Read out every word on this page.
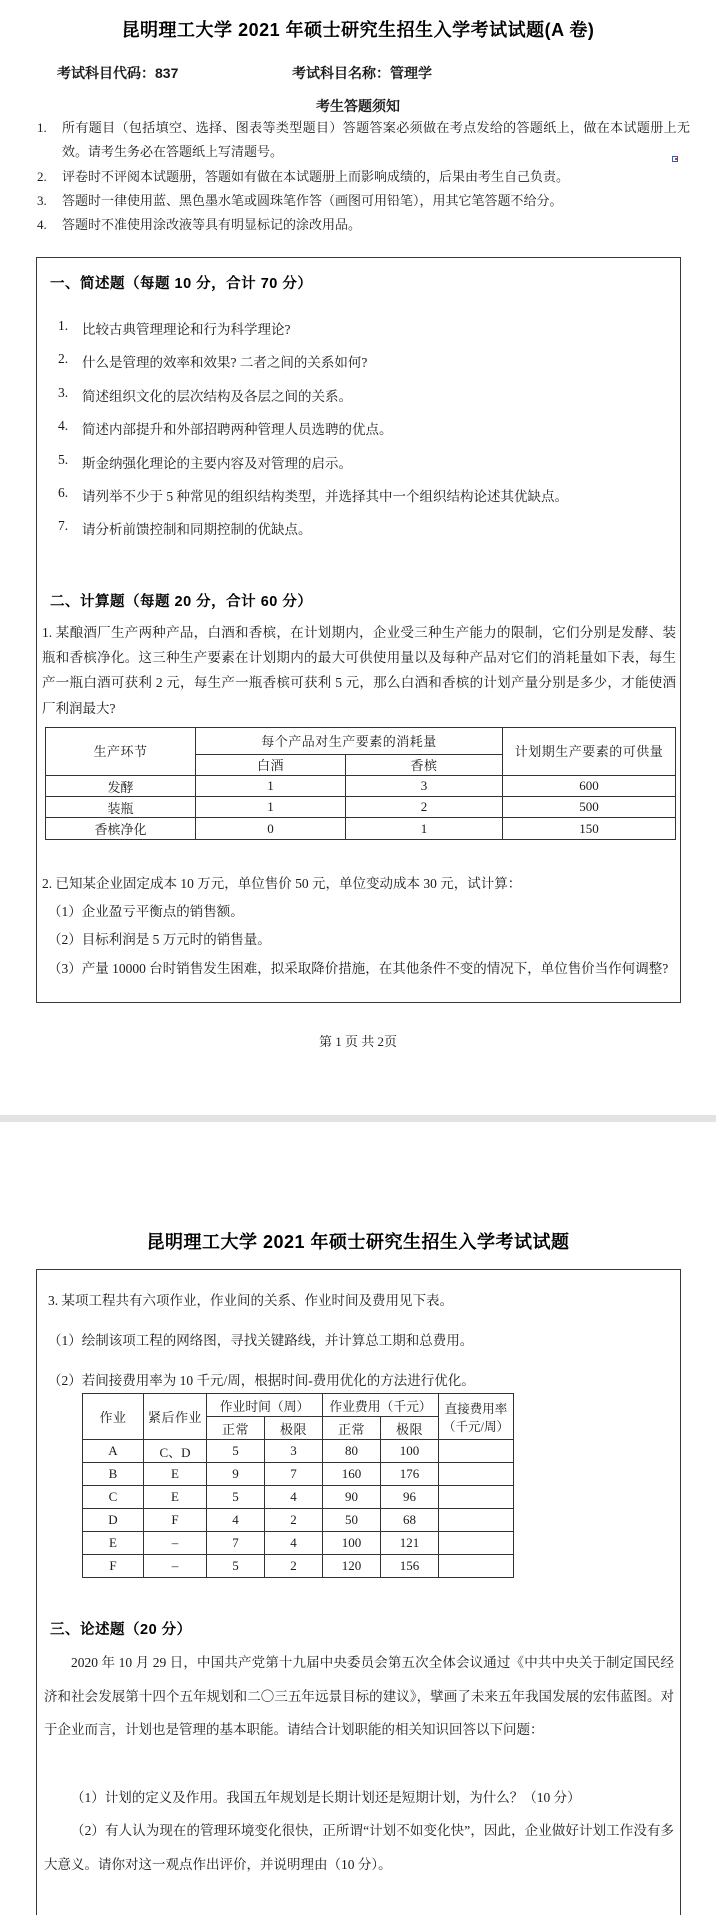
昆明理工大学 2021 年硕士研究生招生入学考试试题(A 卷)
考试科目代码：837	考试科目名称：管理学
考生答题须知
1.	所有题目（包括填空、选择、图表等类型题目）答题答案必须做在考点发给的答题纸上，做在本试题册上无效。请考生务必在答题纸上写清题号。
2.	评卷时不评阅本试题册，答题如有做在本试题册上而影响成绩的，后果由考生自己负责。
3.	答题时一律使用蓝、黑色墨水笔或圆珠笔作答（画图可用铅笔），用其它笔答题不给分。
4.	答题时不准使用涂改液等具有明显标记的涂改用品。
一、简述题（每题 10 分，合计 70 分）
1.	比较古典管理理论和行为科学理论?
2.	什么是管理的效率和效果? 二者之间的关系如何?
3.	简述组织文化的层次结构及各层之间的关系。
4.	简述内部提升和外部招聘两种管理人员选聘的优点。
5.	斯金纳强化理论的主要内容及对管理的启示。
6.	请列举不少于 5 种常见的组织结构类型，并选择其中一个组织结构论述其优缺点。
7.	请分析前馈控制和同期控制的优缺点。
二、计算题（每题 20 分，合计 60 分）
1. 某酿酒厂生产两种产品，白酒和香槟，在计划期内，企业受三种生产能力的限制，它们分别是发酵、装瓶和香槟净化。这三种生产要素在计划期内的最大可供使用量以及每种产品对它们的消耗量如下表，每生产一瓶白酒可获利 2 元，每生产一瓶香槟可获利 5 元，那么白酒和香槟的计划产量分别是多少，才能使酒厂利润最大?
生产环节	每个产品对生产要素的消耗量		计划期生产要素的可供量
	白酒	香槟	
发酵	1	3	600
装瓶	1	2	500
香槟净化	0	1	150
2. 已知某企业固定成本 10 万元，单位售价 50 元，单位变动成本 30 元，试计算：
（1）企业盈亏平衡点的销售额。
（2）目标利润是 5 万元时的销售量。
（3）产量 10000 台时销售发生困难，拟采取降价措施，在其他条件不变的情况下，单位售价当作何调整?
第 1 页 共 2页
昆明理工大学 2021 年硕士研究生招生入学考试试题
3. 某项工程共有六项作业，作业间的关系、作业时间及费用见下表。
（1）绘制该项工程的网络图，寻找关键路线，并计算总工期和总费用。
（2）若间接费用率为 10 千元/周，根据时间-费用优化的方法进行优化。
作业	紧后作业	作业时间（周）		作业费用（千元）		直接费用率
（千元/周）

		正常	极限	正常	极限	
A	C、D	5	3	80	100	
B	E	9	7	160	176	
C	E	5	4	90	96	
D	F	4	2	50	68	
E	–	7	4	100	121	
F	–	5	2	120	156	
三、论述题（20 分）
2020 年 10 月 29 日，中国共产党第十九届中央委员会第五次全体会议通过《中共中央关于制定国民经济和社会发展第十四个五年规划和二〇三五年远景目标的建议》，擘画了未来五年我国发展的宏伟蓝图。对于企业而言，计划也是管理的基本职能。请结合计划职能的相关知识回答以下问题：
（1）计划的定义及作用。我国五年规划是长期计划还是短期计划，为什么？（10 分）
（2）有人认为现在的管理环境变化很快，正所谓“计划不如变化快”，因此，企业做好计划工作没有多大意义。请你对这一观点作出评价，并说明理由（10 分）。
